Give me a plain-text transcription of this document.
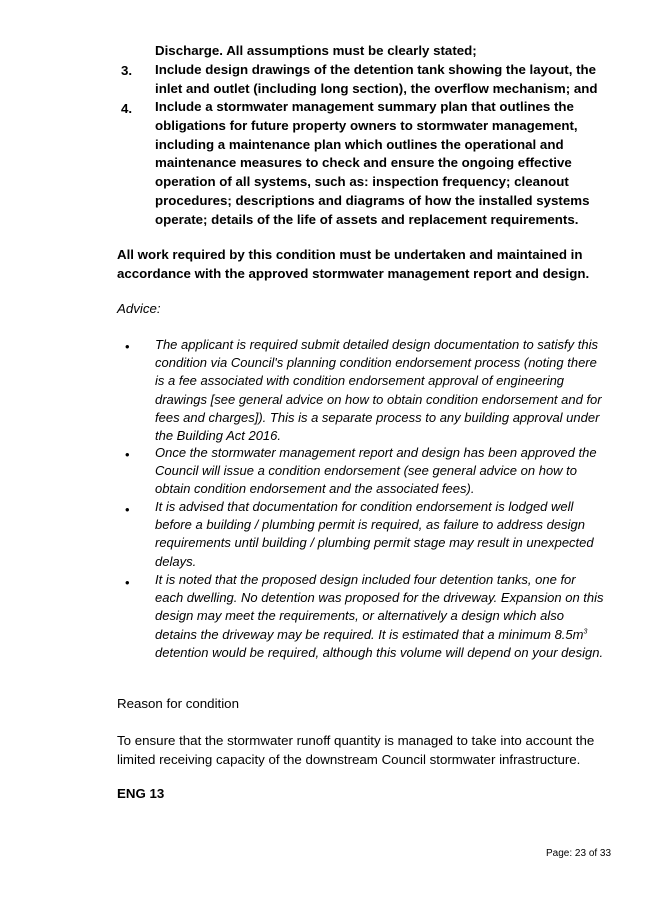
Discharge. All assumptions must be clearly stated;
3. Include design drawings of the detention tank showing the layout, the inlet and outlet (including long section), the overflow mechanism; and
4. Include a stormwater management summary plan that outlines the obligations for future property owners to stormwater management, including a maintenance plan which outlines the operational and maintenance measures to check and ensure the ongoing effective operation of all systems, such as: inspection frequency; cleanout procedures; descriptions and diagrams of how the installed systems operate; details of the life of assets and replacement requirements.
All work required by this condition must be undertaken and maintained in accordance with the approved stormwater management report and design.
Advice:
• The applicant is required submit detailed design documentation to satisfy this condition via Council's planning condition endorsement process (noting there is a fee associated with condition endorsement approval of engineering drawings [see general advice on how to obtain condition endorsement and for fees and charges]). This is a separate process to any building approval under the Building Act 2016.
• Once the stormwater management report and design has been approved the Council will issue a condition endorsement (see general advice on how to obtain condition endorsement and the associated fees).
• It is advised that documentation for condition endorsement is lodged well before a building / plumbing permit is required, as failure to address design requirements until building / plumbing permit stage may result in unexpected delays.
• It is noted that the proposed design included four detention tanks, one for each dwelling. No detention was proposed for the driveway. Expansion on this design may meet the requirements, or alternatively a design which also detains the driveway may be required. It is estimated that a minimum $8.5m^3$ detention would be required, although this volume will depend on your design.
Reason for condition
To ensure that the stormwater runoff quantity is managed to take into account the limited receiving capacity of the downstream Council stormwater infrastructure.
ENG 13
Page: 23 of 33
